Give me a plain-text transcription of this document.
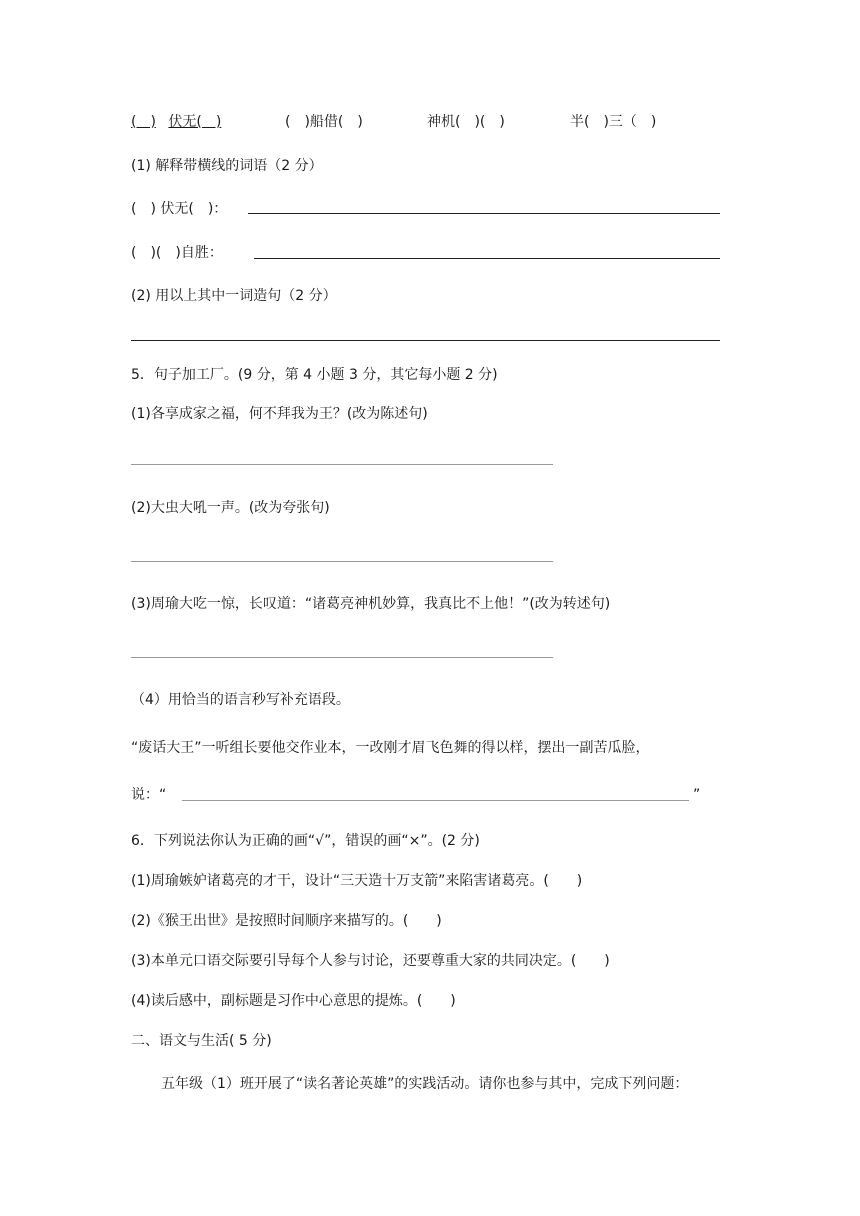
(　) 伏无(　)	(　)船借(　)	神机(　)(　)	半(　)三（　)
(1) 解释带横线的词语（2 分）
(　) 伏无(　)：
(　)(　)自胜：
(2) 用以上其中一词造句（2 分）
5．句子加工厂。(9 分，第 4 小题 3 分，其它每小题 2 分)
(1)各享成家之福，何不拜我为王？(改为陈述句)
(2)大虫大吼一声。(改为夸张句)
(3)周瑜大吃一惊，长叹道：“诸葛亮神机妙算，我真比不上他！”(改为转述句)
（4）用恰当的语言秒写补充语段。
“废话大王”一听组长要他交作业本，一改刚才眉飞色舞的得以样，摆出一副苦瓜脸，
说：“	”
6．下列说法你认为正确的画“√”，错误的画“×”。(2 分)
(1)周瑜嫉妒诸葛亮的才干，设计“三天造十万支箭”来陷害诸葛亮。(　　)
(2)《猴王出世》是按照时间顺序来描写的。(　　)
(3)本单元口语交际要引导每个人参与讨论，还要尊重大家的共同决定。(　　)
(4)读后感中，副标题是习作中心意思的提炼。(　　)
二、语文与生活( 5 分)
五年级（1）班开展了“读名著论英雄”的实践活动。请你也参与其中，完成下列问题：
